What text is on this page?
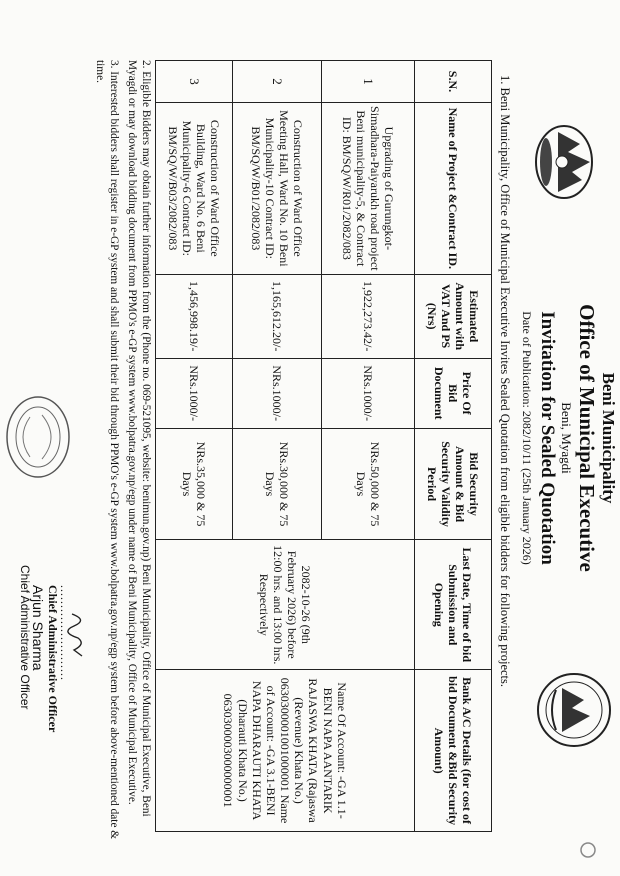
Beni Municipality
Office of Municipal Executive
Beni, Myagdi
Invitation for Sealed Quotation
Date of Publication: 2082/10/11 (25th January 2026)
1. Beni Municipality, Office of Municipal Executive Invites Sealed Quotation from eligible bidders for following projects.
S.N.	Name of Project &Contract ID.	Estimated Amount with VAT And PS (Nrs)	Price Of Bid Document	Bid Security Amount & Bid Security Validity Period	Last Date, Time of bid Submission and Opening	Bank A/C Details (for cost of bid Document &Bid Security Amount)
1	Upgrading of Gurungkot-Simadhara-Paiyarukh road project Beni municipality-5, & Contract ID: BM/SQ/W/R01/2082/083	1,922,273.42/-	NRs.1000/-	NRs.50,000 & 75 Days	2082-10-26 (9th February 2026) before 12:00 hrs. and 13:00 hrs. Respectively	Name Of Account: -GA 1.1-BENI NAPA AANTARIK RAJASWA KHATA (Rajaswa (Revenue) Khata No.) 0630300001001000001 Name of Account: -GA 3.1-BENI NAPA DHARAUTI KHATA (Dharauti Khata No.) 0630300003000000001
2	Construction of Ward Office Meeting Hall, Ward No. 10 Beni Municipality-10 Contract ID: BM/SQ/W/B01/2082/083	1,165,612.20/-	NRs.1000/-	NRs.30,000 & 75 Days		
3	Construction of Ward Office Building, Ward No. 6 Beni Municipality-6 Contract ID: BM/SQ/W/B03/2082/083	1,456,998.19/-	NRs.1000/-	NRs.35,000 & 75 Days		
2. Eligible Bidders may obtain further information from the (Phone no. 069-521095, website: benimun.gov.np) Beni Municipality, Office of Municipal Executive, Beni Myagdi or may download bidding document from PPMO's e-GP system www.bolpatra.gov.np/egp under name of Beni Municipality, Office of Municipal Executive.
3. Interested bidders shall register in e-GP system and shall submit their bid through PPMO's e-GP system www.bolpatra.gov.np/egp system before above-mentioned date & time.
........................
Chief Administrative Officer
Arjun Sharma
Chief Administrative Officer
